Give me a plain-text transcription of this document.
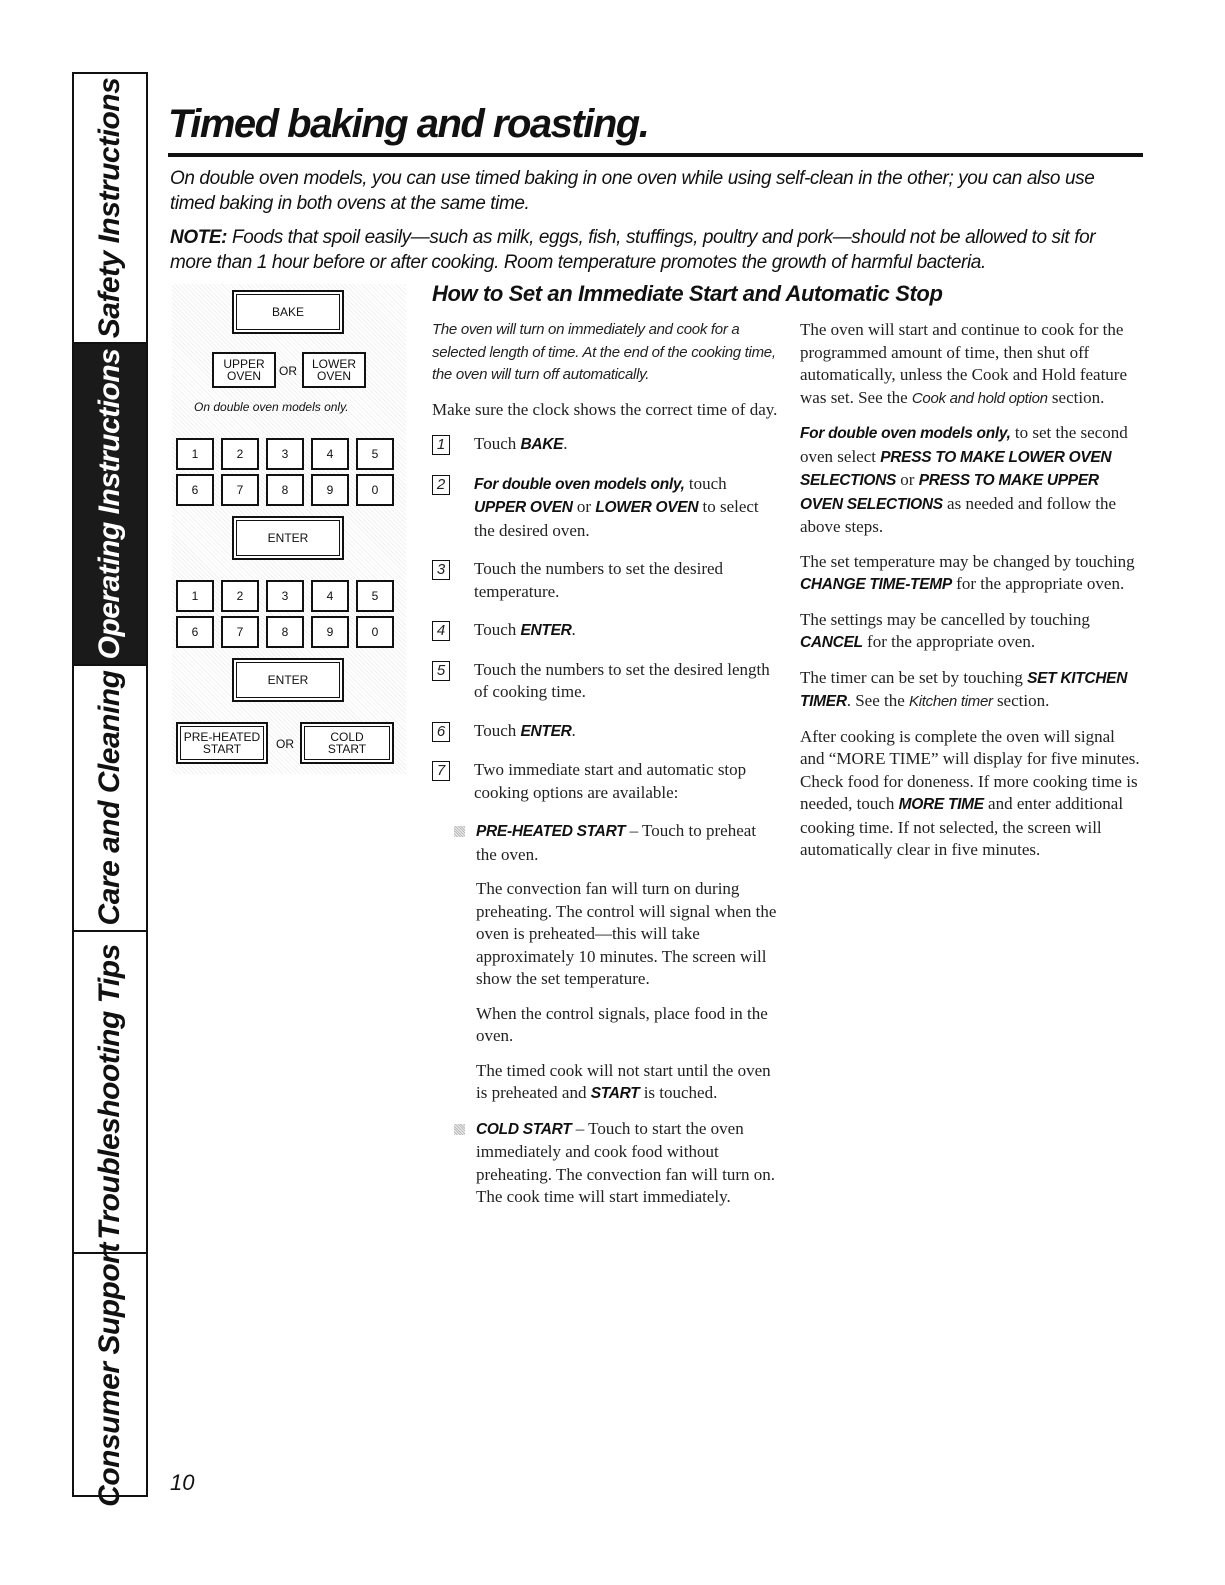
Safety Instructions
Operating Instructions
Care and Cleaning
Troubleshooting Tips
Consumer Support
Timed baking and roasting.

On double oven models, you can use timed baking in one oven while using self-clean in the other; you can also use timed baking in both ovens at the same time.

NOTE: Foods that spoil easily—such as milk, eggs, fish, stuffings, poultry and pork—should not be allowed to sit for more than 1 hour before or after cooking. Room temperature promotes the growth of harmful bacteria.

BAKE
UPPER
OVEN OR LOWER
OVEN
On double oven models only.
1	2	3	4	5
6	7	8	9	0
ENTER
1	2	3	4	5
6	7	8	9	0
ENTER
PRE-HEATED
START	OR	COLD
START
How to Set an Immediate Start and Automatic Stop

The oven will turn on immediately and cook for a selected length of time. At the end of the cooking time, the oven will turn off automatically.

Make sure the clock shows the correct time of day.

1 Touch BAKE.
2	For double oven models only, touch UPPER OVEN or LOWER OVEN to select the desired oven.
3 Touch the numbers to set the desired temperature.
4 Touch ENTER.
5 Touch the numbers to set the desired length of cooking time.
6 Touch ENTER.
7 Two immediate start and automatic stop cooking options are available:

PRE-HEATED START – Touch to preheat the oven.

The convection fan will turn on during preheating. The control will signal when the oven is preheated—this will take approximately 10 minutes. The screen will show the set temperature.

When the control signals, place food in the oven.

The timed cook will not start until the oven is preheated and START is touched.

COLD START – Touch to start the oven immediately and cook food without preheating. The convection fan will turn on. The cook time will start immediately.

The oven will start and continue to cook for the programmed amount of time, then shut off automatically, unless the Cook and Hold feature was set. See the Cook and hold option section.

For double oven models only, to set the second oven select PRESS TO MAKE LOWER OVEN SELECTIONS or PRESS TO MAKE UPPER OVEN SELECTIONS as needed and follow the above steps.

The set temperature may be changed by touching CHANGE TIME-TEMP for the appropriate oven.

The settings may be cancelled by touching CANCEL for the appropriate oven.

The timer can be set by touching SET KITCHEN TIMER. See the Kitchen timer section.

After cooking is complete the oven will signal and “MORE TIME” will display for five minutes. Check food for doneness. If more cooking time is needed, touch MORE TIME and enter additional cooking time. If not selected, the screen will automatically clear in five minutes.

10
